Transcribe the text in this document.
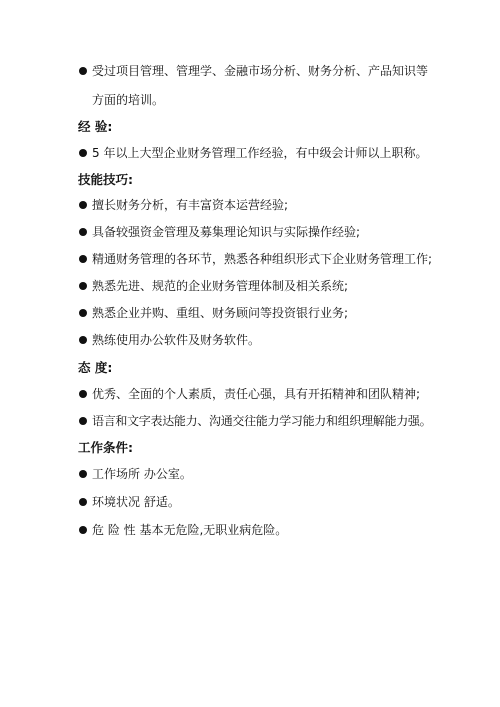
受过项目管理、管理学、金融市场分析、财务分析、产品知识等
方面的培训。
经 验:
5 年以上大型企业财务管理工作经验，有中级会计师以上职称。
技能技巧:
擅长财务分析，有丰富资本运营经验;
具备较强资金管理及募集理论知识与实际操作经验;
精通财务管理的各环节，熟悉各种组织形式下企业财务管理工作;
熟悉先进、规范的企业财务管理体制及相关系统;
熟悉企业并购、重组、财务顾问等投资银行业务;
熟练使用办公软件及财务软件。
态 度:
优秀、全面的个人素质，责任心强，具有开拓精神和团队精神;
语言和文字表达能力、沟通交往能力学习能力和组织理解能力强。
工作条件:
工作场所 办公室。
环境状况 舒适。
危 险 性 基本无危险,无职业病危险。
